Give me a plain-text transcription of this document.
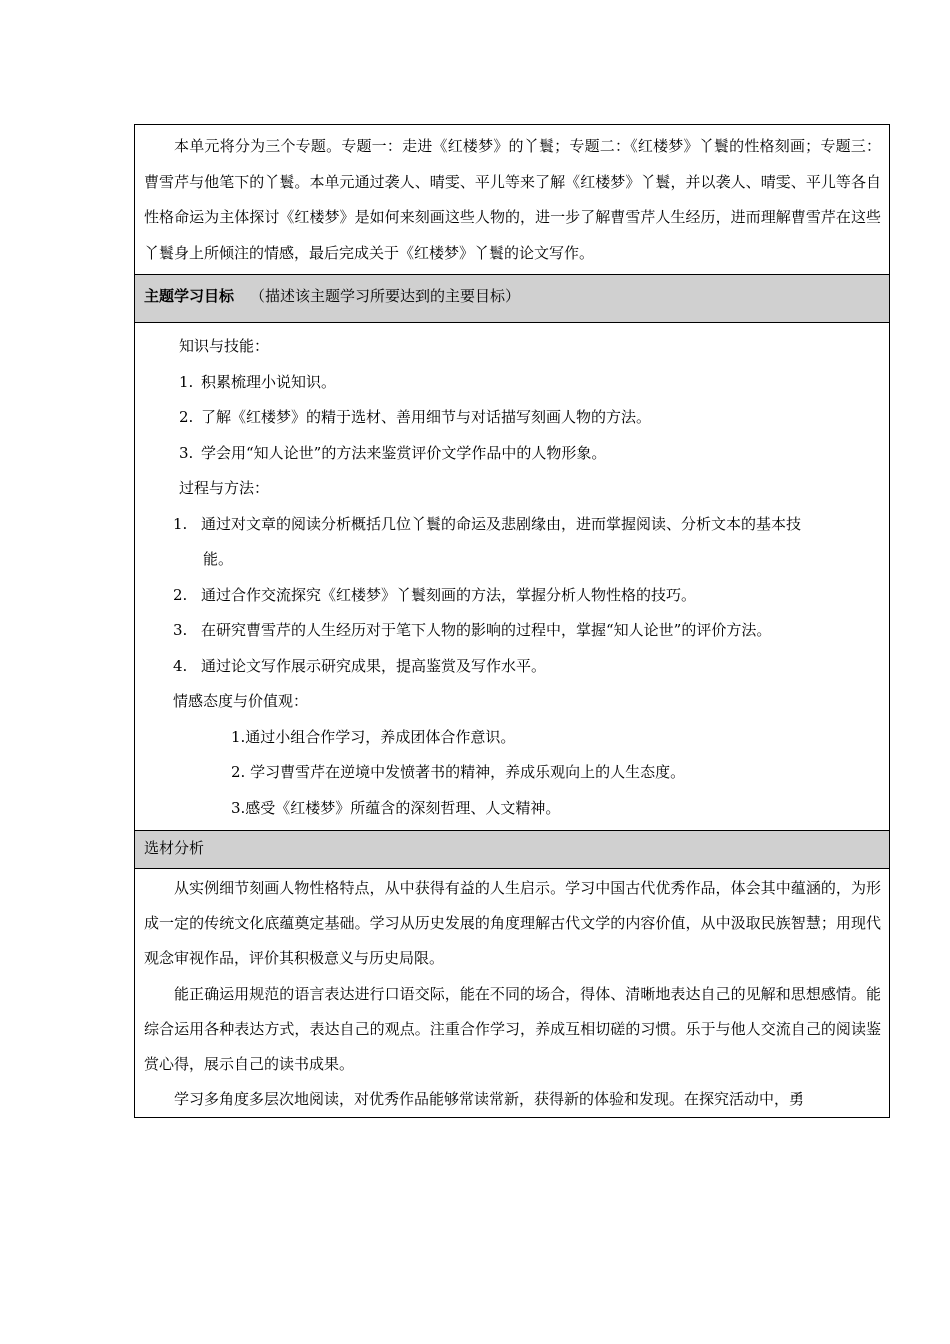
本单元将分为三个专题。专题一：走进《红楼梦》的丫鬟；专题二：《红楼梦》丫鬟的性格刻画；专题三：曹雪芹与他笔下的丫鬟。本单元通过袭人、晴雯、平儿等来了解《红楼梦》丫鬟，并以袭人、晴雯、平儿等各自性格命运为主体探讨《红楼梦》是如何来刻画这些人物的，进一步了解曹雪芹人生经历，进而理解曹雪芹在这些丫鬟身上所倾注的情感，最后完成关于《红楼梦》丫鬟的论文写作。

主题学习目标 （描述该主题学习所要达到的主要目标）
知识与技能：
1. 积累梳理小说知识。
2. 了解《红楼梦》的精于选材、善用细节与对话描写刻画人物的方法。
3. 学会用“知人论世”的方法来鉴赏评价文学作品中的人物形象。
过程与方法：
1. 通过对文章的阅读分析概括几位丫鬟的命运及悲剧缘由，进而掌握阅读、分析文本的基本技
能。
2. 通过合作交流探究《红楼梦》丫鬟刻画的方法，掌握分析人物性格的技巧。
3. 在研究曹雪芹的人生经历对于笔下人物的影响的过程中，掌握“知人论世”的评价方法。
4. 通过论文写作展示研究成果，提高鉴赏及写作水平。
情感态度与价值观：
1.通过小组合作学习，养成团体合作意识。
2. 学习曹雪芹在逆境中发愤著书的精神，养成乐观向上的人生态度。
3.感受《红楼梦》所蕴含的深刻哲理、人文精神。
选材分析

从实例细节刻画人物性格特点，从中获得有益的人生启示。学习中国古代优秀作品，体会其中蕴涵的，为形成一定的传统文化底蕴奠定基础。学习从历史发展的角度理解古代文学的内容价值，从中汲取民族智慧；用现代观念审视作品，评价其积极意义与历史局限。

能正确运用规范的语言表达进行口语交际，能在不同的场合，得体、清晰地表达自己的见解和思想感情。能综合运用各种表达方式，表达自己的观点。注重合作学习，养成互相切磋的习惯。乐于与他人交流自己的阅读鉴赏心得，展示自己的读书成果。

学习多角度多层次地阅读，对优秀作品能够常读常新，获得新的体验和发现。在探究活动中，勇
